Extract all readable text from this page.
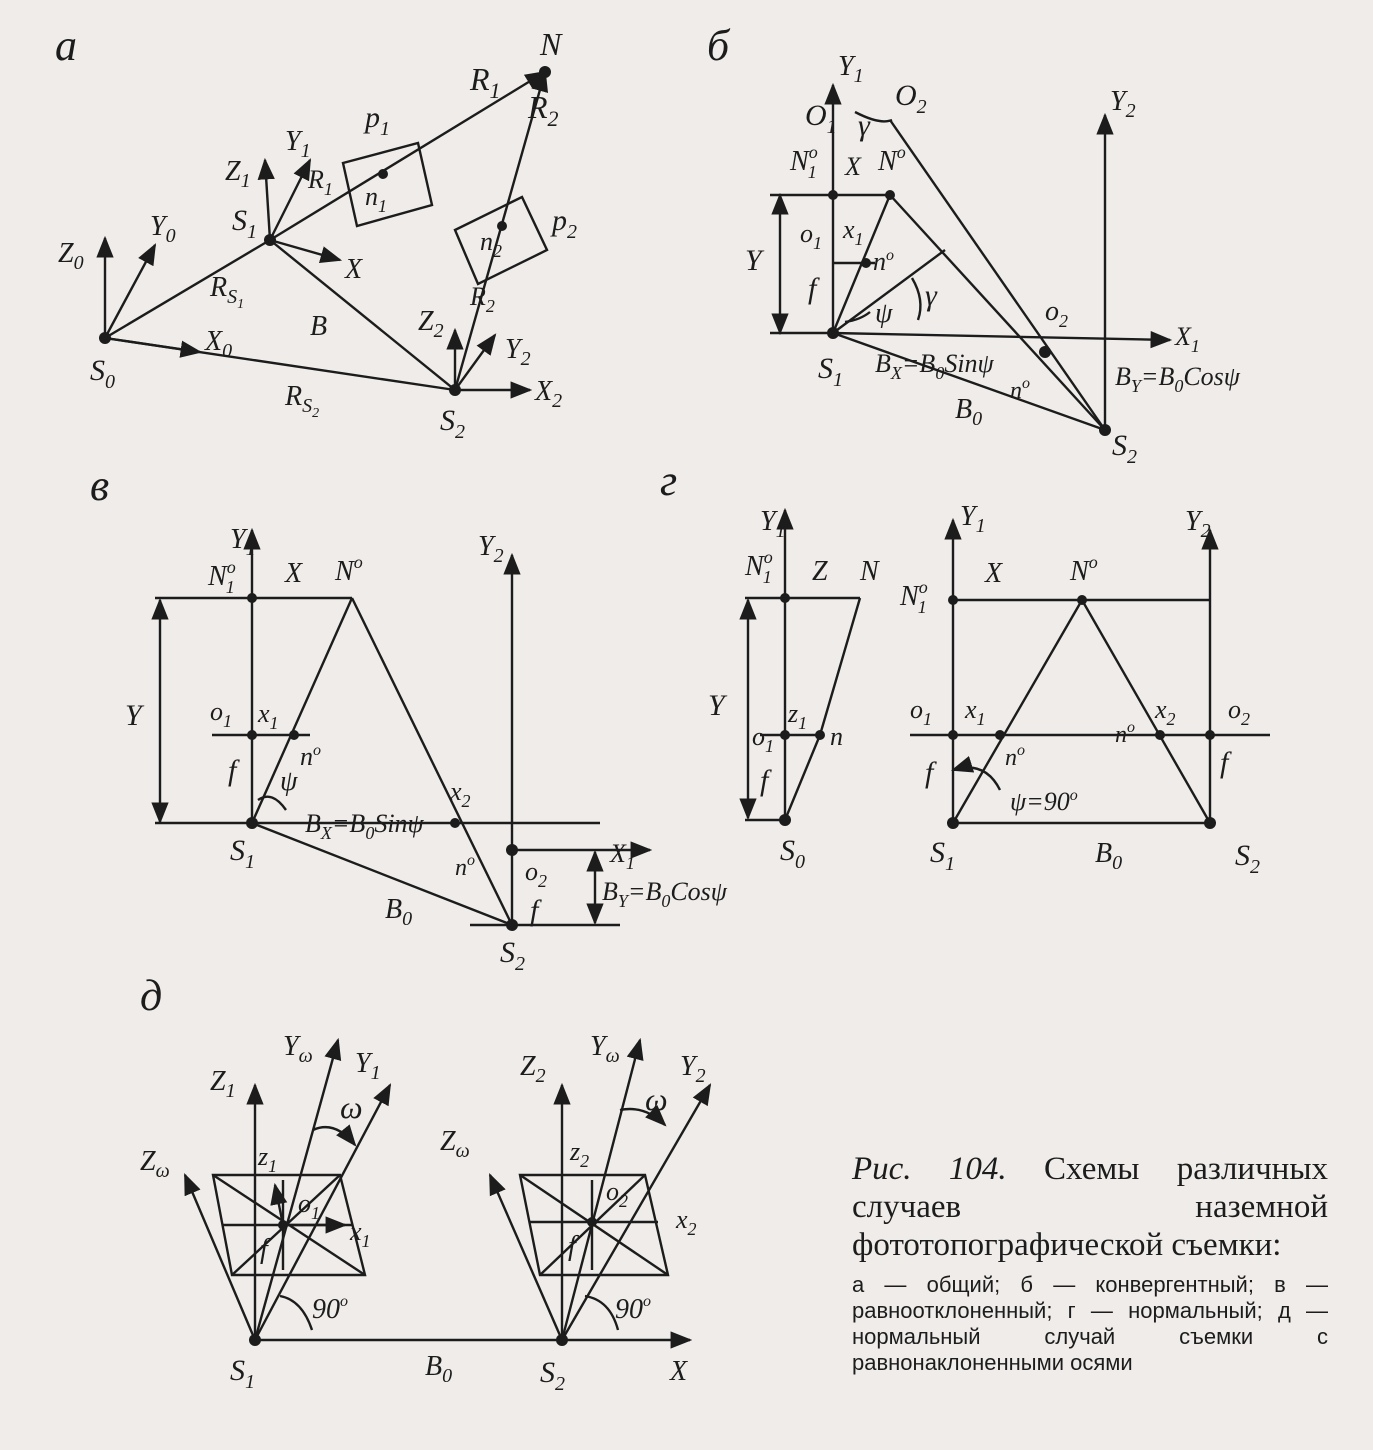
а	N
$R_1$ $R_2$
$p_1$
$p_2$
$n_1$
$n_2$
$R_1$
$R_2$
$Z_1$
$Y_1$
$S_1$
X
$Y_0$
$Z_0$
$R_S1$
B
$X_0$
$S_0$	$R_S2$
$Z_2$
$Y_2$
$X_2$
$S_2$
б	$Y_1$
$O_1$
$O_2$
γ
$Y_2$
$N^o$ 1 X $N^o$
$o_1$ $x_1$
$n^o$
Y
f
ψ
γ	$o_2$
$X_1$
$S_1$
$B_X=B_0Sin\psi$
$n^o$	$B_Y=B_0Cos\psi$
$B_0$
$S_2$
в
$Y_1$
$N^o$ 1 X $N^o$	$Y_2$
Y	$o_1$ $x_1$
$n^o$
f ψ	$x_2$
$B_X=B_0Sin\psi$
$S_1$	$n^o$ $o_2$
f
$X_1$
$B_Y=B_0Cos\psi$
$B_0$
$S_2$
г
$Y_1$
$N^o$ 1 Z N
Y $z_1$
$o_1$ n
f
$S_0$
$Y_1$	$Y_2$
X $N^o$
$N^o$ 1
$o_1$ $x_1$	$x_2$ $o_2$
$n^o$
$n^o$
f	f
$\psi=90^o$
$S_1$	$B_0$	$S_2$
д
$Y_\omega$ $Y_1$
$Z_1$	ω
$Z_\omega$	$z_1$
$o_1$
$x_1$
f
90$^o$
$S_1$	$B_0$	X
$Z_2$
$Y_\omega$ $Y_2$
ω
$Z_\omega$	$z_2$
$o_2$
$x_2$
f
90$^o$
$S_2$
Рис. 104. Схемы различных случаев наземной фототопографической съемки:
а — общий; б — конвергентный; в — равноотклоненный; г — нормальный; д — нормальный случай съемки с равнонаклоненными осями
